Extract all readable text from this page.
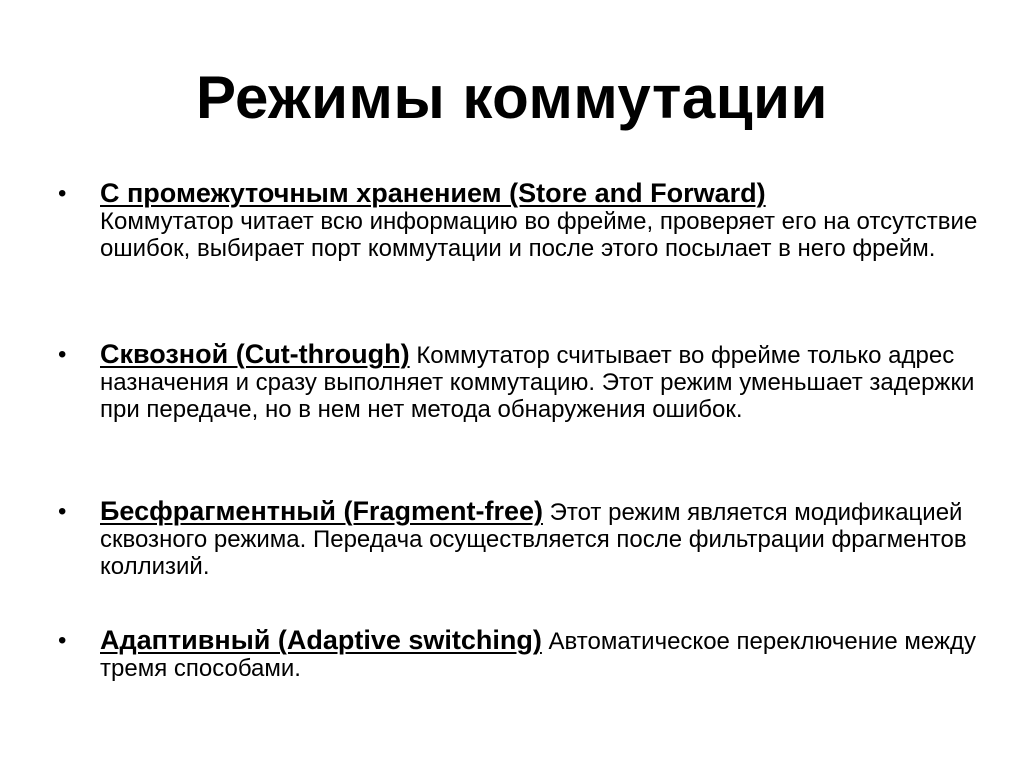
Режимы коммутации
• С промежуточным хранением (Store and Forward)
Коммутатор читает всю информацию во фрейме, проверяет его на отсутствие ошибок, выбирает порт коммутации и после этого посылает в него фрейм.
• Сквозной (Cut-through) Коммутатор считывает во фрейме только адрес назначения и сразу выполняет коммутацию. Этот режим уменьшает задержки при передаче, но в нем нет метода обнаружения ошибок.
• Бесфрагментный (Fragment-free) Этот режим является модификацией сквозного режима. Передача осуществляется после фильтрации фрагментов коллизий.
• Адаптивный (Adaptive switching) Автоматическое переключение между тремя способами.
